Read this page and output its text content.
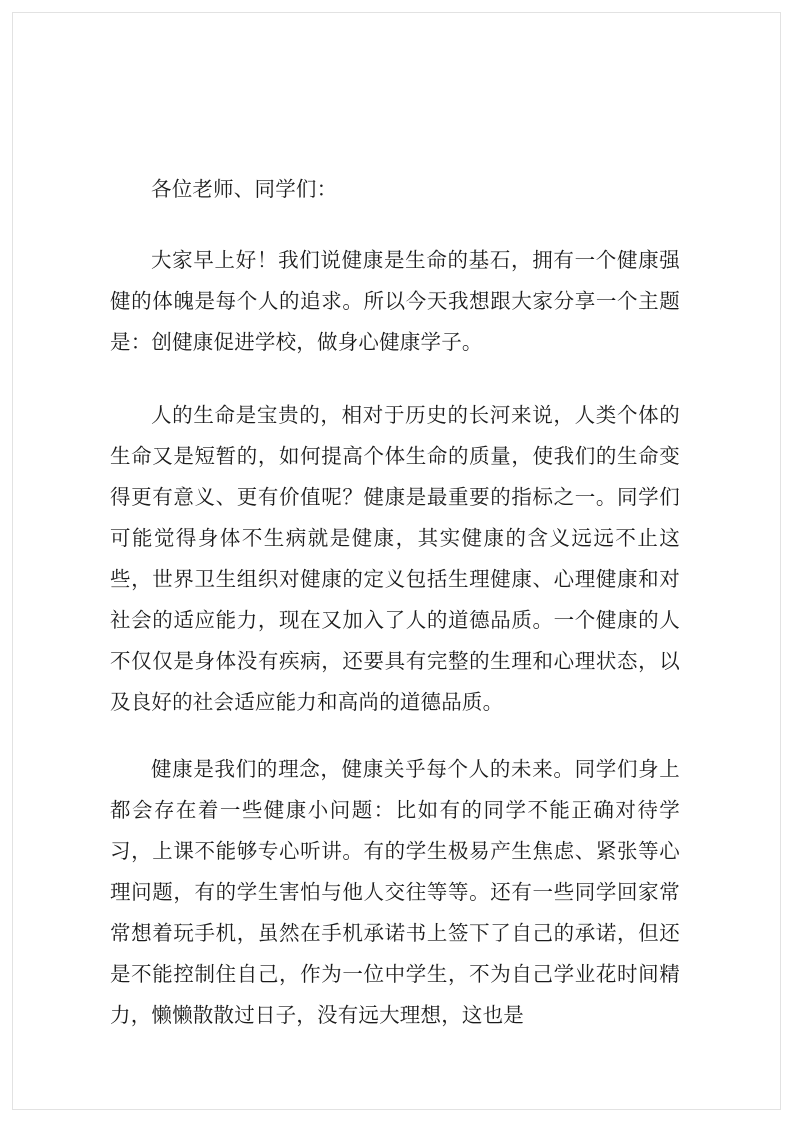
各位老师、同学们：

大家早上好！我们说健康是生命的基石，拥有一个健康强健的体魄是每个人的追求。所以今天我想跟大家分享一个主题是：创健康促进学校，做身心健康学子。

人的生命是宝贵的，相对于历史的长河来说，人类个体的生命又是短暂的，如何提高个体生命的质量，使我们的生命变得更有意义、更有价值呢？健康是最重要的指标之一。同学们可能觉得身体不生病就是健康，其实健康的含义远远不止这些，世界卫生组织对健康的定义包括生理健康、心理健康和对社会的适应能力，现在又加入了人的道德品质。一个健康的人不仅仅是身体没有疾病，还要具有完整的生理和心理状态，以及良好的社会适应能力和高尚的道德品质。

健康是我们的理念，健康关乎每个人的未来。同学们身上都会存在着一些健康小问题：比如有的同学不能正确对待学习，上课不能够专心听讲。有的学生极易产生焦虑、紧张等心理问题，有的学生害怕与他人交往等等。还有一些同学回家常常想着玩手机，虽然在手机承诺书上签下了自己的承诺，但还是不能控制住自己，作为一位中学生，不为自己学业花时间精力，懒懒散散过日子，没有远大理想，这也是
